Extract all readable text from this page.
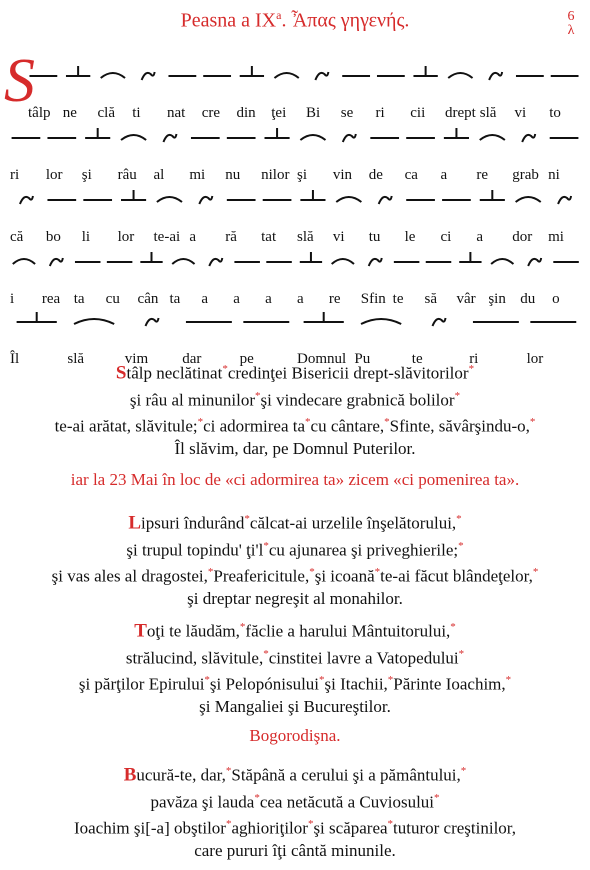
Peasna a $IX^a$. Ἆπας γηγενής.	6
λ
S
tâlp ne clă ti nat cre din ţei Bi se ri cii drept slă vi to
ri lor şi râu al mi nu nilor şi vin de ca a re grab ni
că bo li lor te-ai a ră tat slă vi tu le ci a dor mi
i rea ta cu cân ta a a a a re Sfin te să vâr şin du o
Îl	slă	vim dar	pe	Domnul Pu	te	ri	lor
Stâlp neclătinat*credinţei Bisericii drept-slăvitorilor*
şi râu al minunilor*şi vindecare grabnică bolilor*
te-ai arătat, slăvitule;*ci adormirea ta*cu cântare,*Sfinte, săvârşindu-o,*
Îl slăvim, dar, pe Domnul Puterilor.
iar la 23 Mai în loc de «ci adormirea ta» zicem «ci pomenirea ta».
Lipsuri îndurând*călcat-ai urzelile înşelătorului,*
şi trupul topindu' ţi'l*cu ajunarea şi priveghierile;*
şi vas ales al dragostei,*Preafericitule,*şi icoană*te-ai făcut blândeţelor,*
şi dreptar negreşit al monahilor.
Toţi te lăudăm,*făclie a harului Mântuitorului,*
strălucind, slăvitule,*cinstitei lavre a Vatopedului*
şi părţilor Epirului*şi Pelopónisului*şi Itachii,*Părinte Ioachim,*
şi Mangaliei şi Bucureştilor.
Bogorodişna.
Bucură-te, dar,*Stăpână a cerului şi a pământului,*
pavăza şi lauda*cea netăcută a Cuviosului*
Ioachim şi[-a] obştilor*aghioriţilor*şi scăparea*tuturor creştinilor,
care pururi îţi cântă minunile.
